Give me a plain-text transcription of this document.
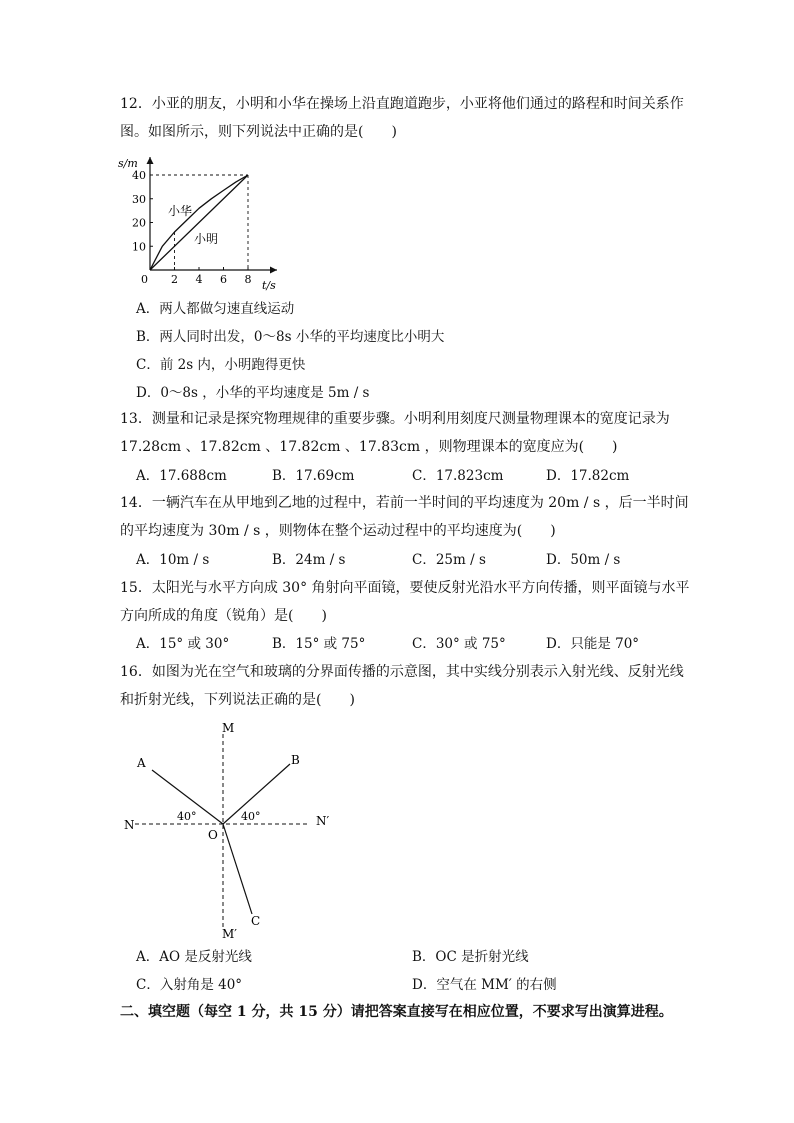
12．小亚的朋友，小明和小华在操场上沿直跑道跑步，小亚将他们通过的路程和时间关系作
图。如图所示，则下列说法中正确的是(　　)
s/m
t/s
0 2 4 6 8
10
20
30
40
小华
小明
A．两人都做匀速直线运动
B．两人同时出发，0～8s 小华的平均速度比小明大
C．前 2s 内，小明跑得更快
D．0～8s ，小华的平均速度是 5m / s
13．测量和记录是探究物理规律的重要步骤。小明利用刻度尺测量物理课本的宽度记录为
17.28cm 、17.82cm 、17.82cm 、17.83cm ，则物理课本的宽度应为(　　)
A．17.688cm	B．17.69cm	C．17.823cm	D．17.82cm
14．一辆汽车在从甲地到乙地的过程中，若前一半时间的平均速度为 20m / s ，后一半时间
的平均速度为 30m / s ，则物体在整个运动过程中的平均速度为(　　)
A．10m / s	B．24m / s	C．25m / s	D．50m / s
15．太阳光与水平方向成 30° 角射向平面镜，要使反射光沿水平方向传播，则平面镜与水平
方向所成的角度（锐角）是(　　)
A．15° 或 30°	B．15° 或 75°	C．30° 或 75°	D．只能是 70°
16．如图为光在空气和玻璃的分界面传播的示意图，其中实线分别表示入射光线、反射光线
和折射光线，下列说法正确的是(　　)
M
M′
N	N′
O
A	B
C
40°	40°
A．AO 是反射光线	B．OC 是折射光线
C．入射角是 40°	D．空气在 MM′ 的右侧
二、填空题（每空 1 分，共 15 分）请把答案直接写在相应位置，不要求写出演算进程。
